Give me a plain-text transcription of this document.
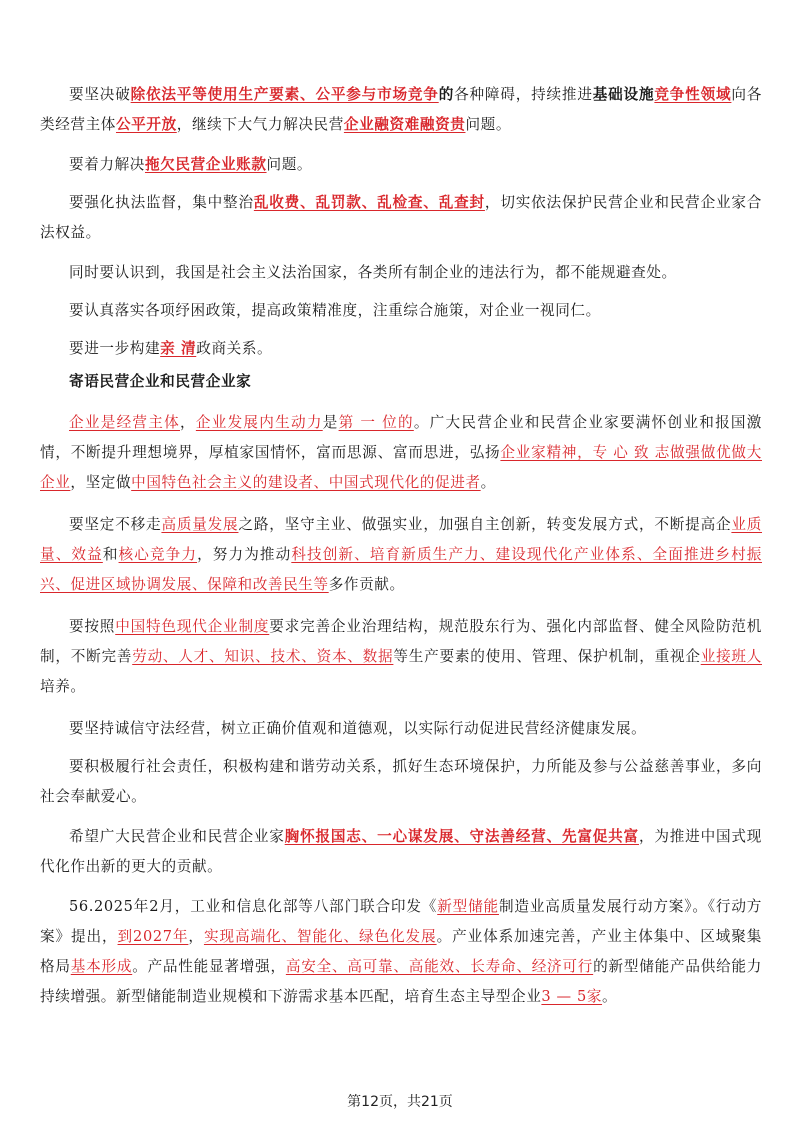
要坚决破除依法平等使用生产要素、公平参与市场竞争的各种障碍，持续推进基础设施竞争性领域向各类经营主体公平开放，继续下大气力解决民营企业融资难融资贵问题。

要着力解决拖欠民营企业账款问题。

要强化执法监督，集中整治乱收费、乱罚款、乱检查、乱查封，切实依法保护民营企业和民营企业家合法权益。

同时要认识到，我国是社会主义法治国家，各类所有制企业的违法行为，都不能规避查处。

要认真落实各项纾困政策，提高政策精准度，注重综合施策，对企业一视同仁。

要进一步构建亲 清政商关系。

寄语民营企业和民营企业家

企业是经营主体，企业发展内生动力是第 一 位的。广大民营企业和民营企业家要满怀创业和报国激情，不断提升理想境界，厚植家国情怀，富而思源、富而思进，弘扬企业家精神，专 心 致 志做强做优做大企业，坚定做中国特色社会主义的建设者、中国式现代化的促进者。

要坚定不移走高质量发展之路，坚守主业、做强实业，加强自主创新，转变发展方式，不断提高企业质量、效益和核心竞争力，努力为推动科技创新、培育新质生产力、建设现代化产业体系、全面推进乡村振兴、促进区域协调发展、保障和改善民生等多作贡献。

要按照中国特色现代企业制度要求完善企业治理结构，规范股东行为、强化内部监督、健全风险防范机制，不断完善劳动、人才、知识、技术、资本、数据等生产要素的使用、管理、保护机制，重视企业接班人培养。

要坚持诚信守法经营，树立正确价值观和道德观，以实际行动促进民营经济健康发展。

要积极履行社会责任，积极构建和谐劳动关系，抓好生态环境保护，力所能及参与公益慈善事业，多向社会奉献爱心。

希望广大民营企业和民营企业家胸怀报国志、一心谋发展、守法善经营、先富促共富，为推进中国式现代化作出新的更大的贡献。

56.2025年2月，工业和信息化部等八部门联合印发《新型储能制造业高质量发展行动方案》。《行动方案》提出，到2027年，实现高端化、智能化、绿色化发展。产业体系加速完善，产业主体集中、区域聚集格局基本形成。产品性能显著增强，高安全、高可靠、高能效、长寿命、经济可行的新型储能产品供给能力持续增强。新型储能制造业规模和下游需求基本匹配，培育生态主导型企业3 — 5家。

第12页，共21页
